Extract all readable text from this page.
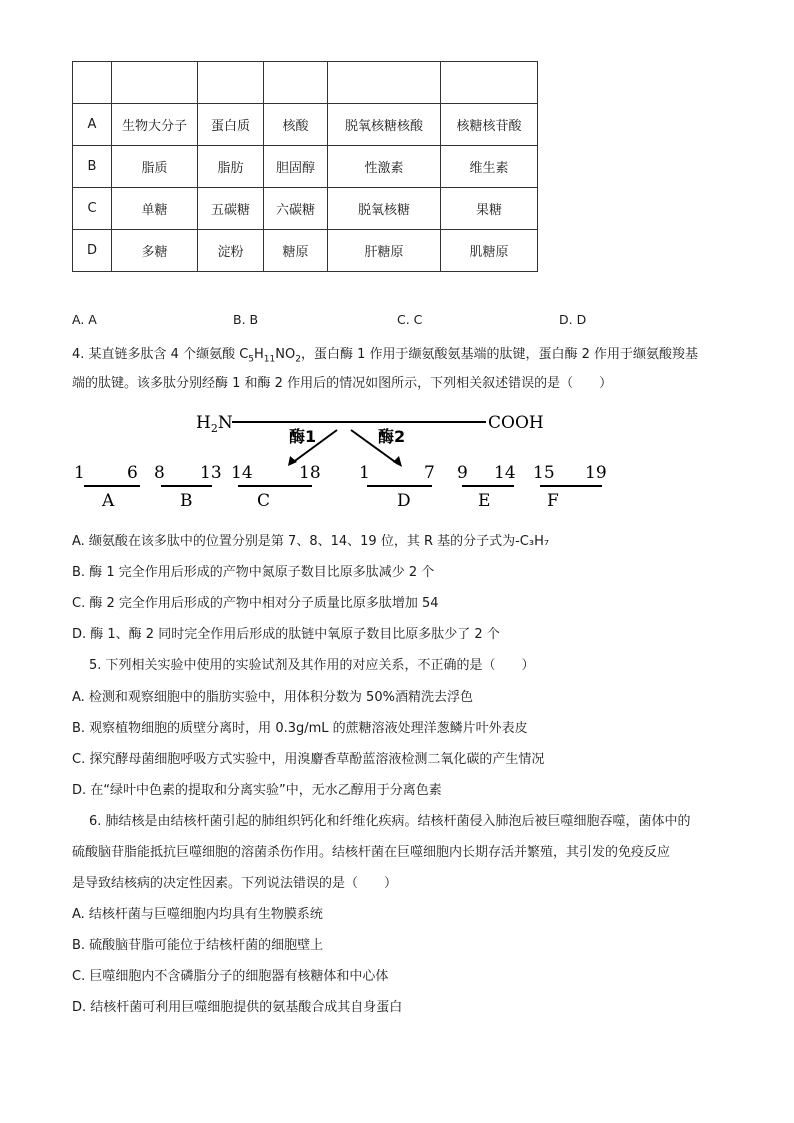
A	生物大分子	蛋白质	核酸	脱氧核糖核酸	核糖核苷酸
B	脂质	脂肪	胆固醇	性激素	维生素
C	单糖	五碳糖	六碳糖	脱氧核糖	果糖
D	多糖	淀粉	糖原	肝糖原	肌糖原
A. A	B. B	C. C	D. D
4. 某直链多肽含 4 个缬氨酸 $C_5H_{11}NO_2$，蛋白酶 1 作用于缬氨酸氨基端的肽键，蛋白酶 2 作用于缬氨酸羧基
端的肽键。该多肽分别经酶 1 和酶 2 作用后的情况如图所示，下列相关叙述错误的是（　　）
$H_2N$	COOH
酶1	酶2
1 6
A
8 13
B
14	18
C
1	7
D
9 14
E
15 19
F
A. 缬氨酸在该多肽中的位置分别是第 7、8、14、19 位，其 R 基的分子式为-C₃H₇
B. 酶 1 完全作用后形成的产物中氮原子数目比原多肽减少 2 个
C. 酶 2 完全作用后形成的产物中相对分子质量比原多肽增加 54
D. 酶 1、酶 2 同时完全作用后形成的肽链中氧原子数目比原多肽少了 2 个
5. 下列相关实验中使用的实验试剂及其作用的对应关系，不正确的是（　　）
A. 检测和观察细胞中的脂肪实验中，用体积分数为 50%酒精洗去浮色
B. 观察植物细胞的质壁分离时，用 0.3g/mL 的蔗糖溶液处理洋葱鳞片叶外表皮
C. 探究酵母菌细胞呼吸方式实验中，用溴麝香草酚蓝溶液检测二氧化碳的产生情况
D. 在“绿叶中色素的提取和分离实验”中，无水乙醇用于分离色素
6. 肺结核是由结核杆菌引起的肺组织钙化和纤维化疾病。结核杆菌侵入肺泡后被巨噬细胞吞噬，菌体中的
硫酸脑苷脂能抵抗巨噬细胞的溶菌杀伤作用。结核杆菌在巨噬细胞内长期存活并繁殖，其引发的免疫反应
是导致结核病的决定性因素。下列说法错误的是（　　）
A. 结核杆菌与巨噬细胞内均具有生物膜系统
B. 硫酸脑苷脂可能位于结核杆菌的细胞壁上
C. 巨噬细胞内不含磷脂分子的细胞器有核糖体和中心体
D. 结核杆菌可利用巨噬细胞提供的氨基酸合成其自身蛋白
